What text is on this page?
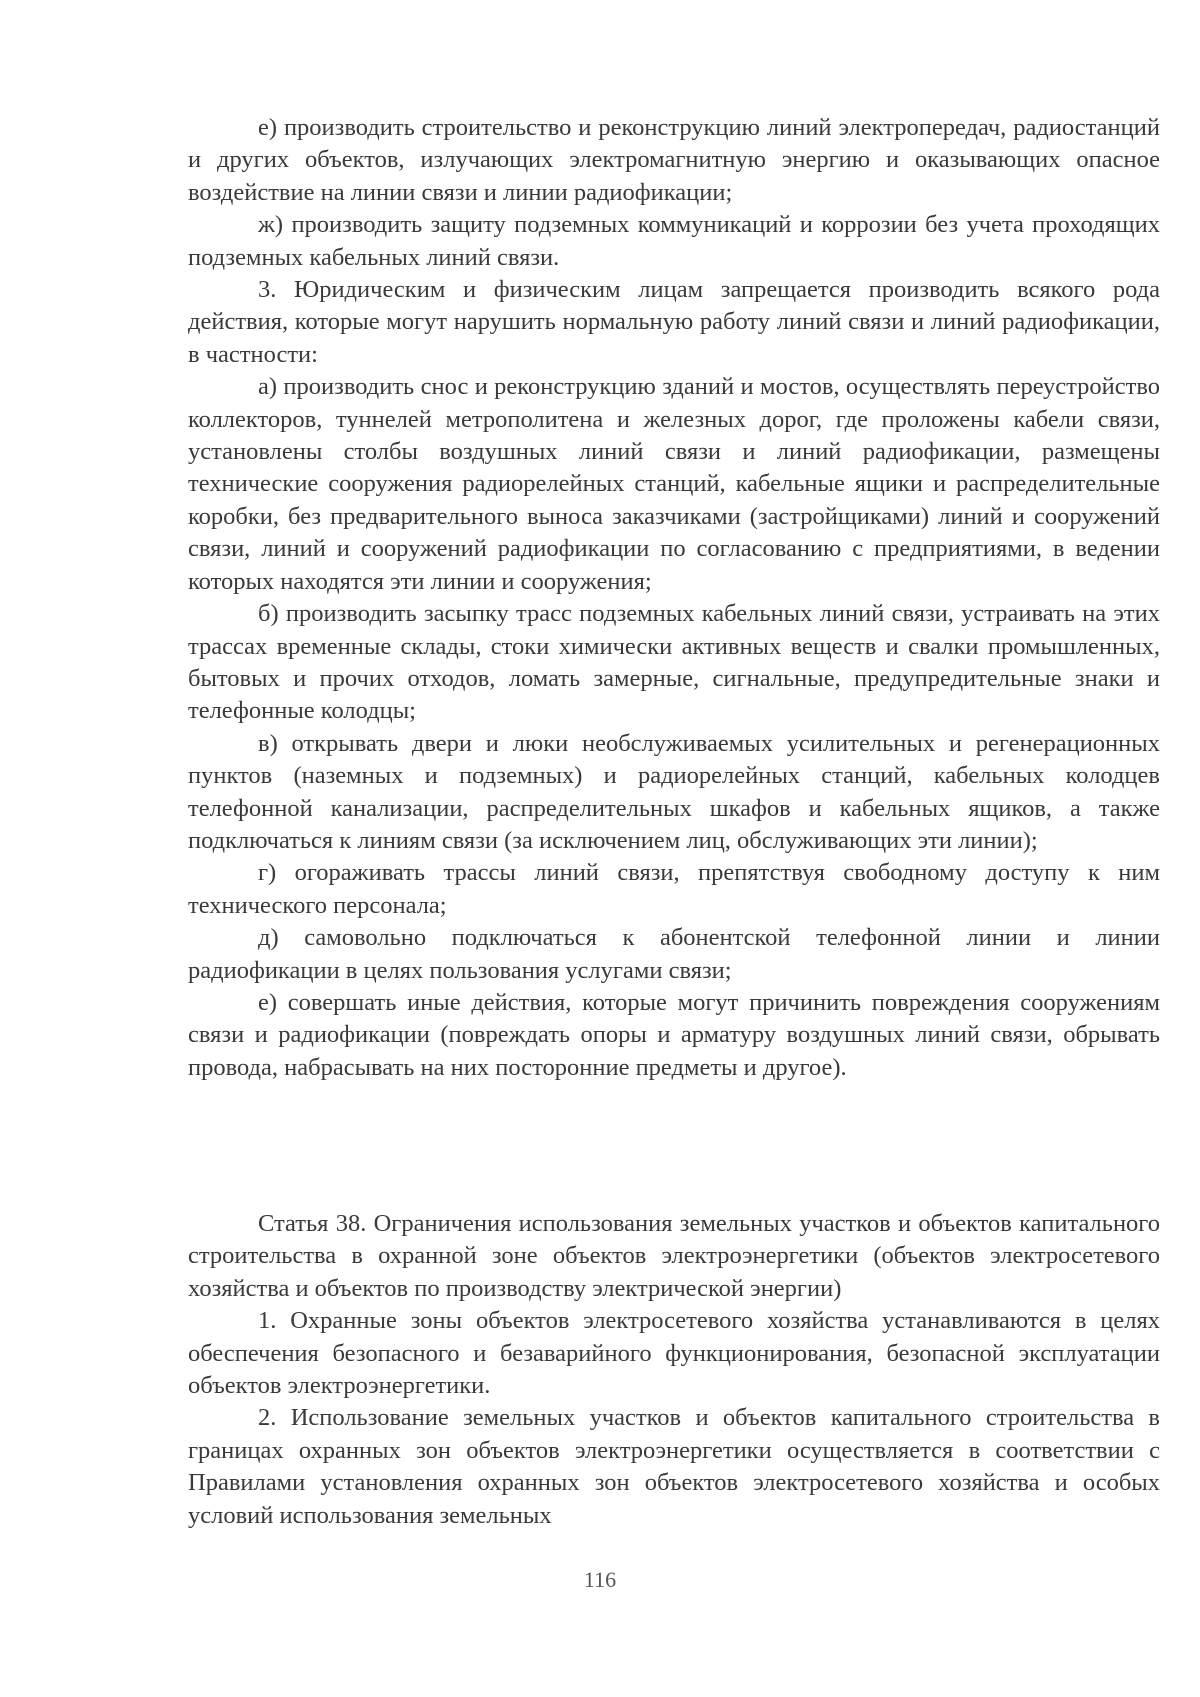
е) производить строительство и реконструкцию линий электропередач, радиостанций и других объектов, излучающих электромагнитную энергию и оказывающих опасное воздействие на линии связи и линии радиофикации;

ж) производить защиту подземных коммуникаций и коррозии без учета проходящих подземных кабельных линий связи.

3. Юридическим и физическим лицам запрещается производить всякого рода действия, которые могут нарушить нормальную работу линий связи и линий радиофикации, в частности:

а) производить снос и реконструкцию зданий и мостов, осуществлять переустройство коллекторов, туннелей метрополитена и железных дорог, где проложены кабели связи, установлены столбы воздушных линий связи и линий радиофикации, размещены технические сооружения радиорелейных станций, кабельные ящики и распределительные коробки, без предварительного выноса заказчиками (застройщиками) линий и сооружений связи, линий и сооружений радиофикации по согласованию с предприятиями, в ведении которых находятся эти линии и сооружения;

б) производить засыпку трасс подземных кабельных линий связи, устраивать на этих трассах временные склады, стоки химически активных веществ и свалки промышленных, бытовых и прочих отходов, ломать замерные, сигнальные, предупредительные знаки и телефонные колодцы;

в) открывать двери и люки необслуживаемых усилительных и регенерационных пунктов (наземных и подземных) и радиорелейных станций, кабельных колодцев телефонной канализации, распределительных шкафов и кабельных ящиков, а также подключаться к линиям связи (за исключением лиц, обслуживающих эти линии);

г) огораживать трассы линий связи, препятствуя свободному доступу к ним технического персонала;

д) самовольно подключаться к абонентской телефонной линии и линии радиофикации в целях пользования услугами связи;

е) совершать иные действия, которые могут причинить повреждения сооружениям связи и радиофикации (повреждать опоры и арматуру воздушных линий связи, обрывать провода, набрасывать на них посторонние предметы и другое).

Статья 38. Ограничения использования земельных участков и объектов капитального строительства в охранной зоне объектов электроэнергетики (объектов электросетевого хозяйства и объектов по производству электрической энергии)

1. Охранные зоны объектов электросетевого хозяйства устанавливаются в целях обеспечения безопасного и безаварийного функционирования, безопасной эксплуатации объектов электроэнергетики.

2. Использование земельных участков и объектов капитального строительства в границах охранных зон объектов электроэнергетики осуществляется в соответствии с Правилами установления охранных зон объектов электросетевого хозяйства и особых условий использования земельных

116
